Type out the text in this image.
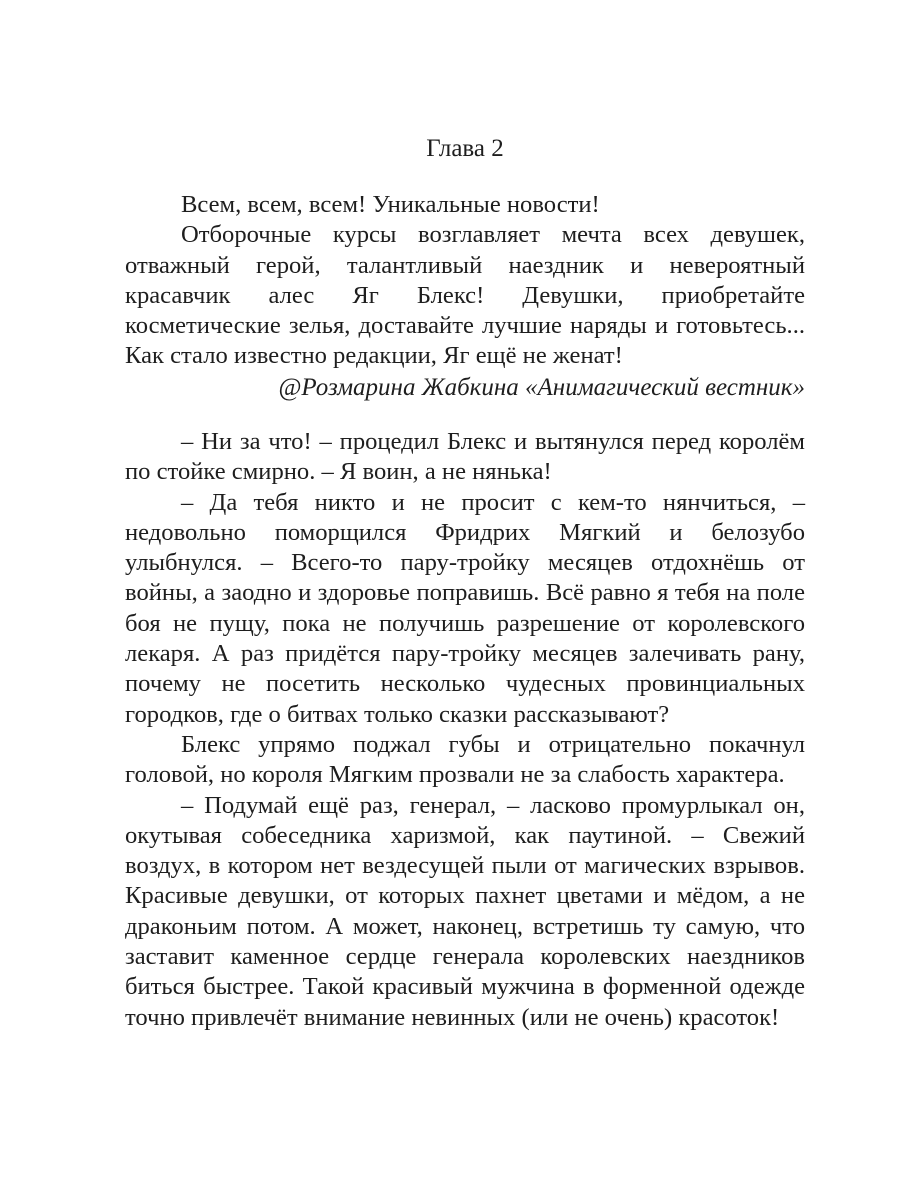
Глава 2

Всем, всем, всем! Уникальные новости!

Отборочные курсы возглавляет мечта всех девушек, отважный герой, талантливый наездник и невероятный красавчик алес Яг Блекс! Девушки, приобретайте косметические зелья, доставайте лучшие наряды и готовьтесь... Как стало известно редакции, Яг ещё не женат!

@Розмарина Жабкина «Анимагический вестник»

– Ни за что! – процедил Блекс и вытянулся перед королём по стойке смирно. – Я воин, а не нянька!

– Да тебя никто и не просит с кем-то нянчиться, – недовольно поморщился Фридрих Мягкий и белозубо улыбнулся. – Всего-то пару-тройку месяцев отдохнёшь от войны, а заодно и здоровье поправишь. Всё равно я тебя на поле боя не пущу, пока не получишь разрешение от королевского лекаря. А раз придётся пару-тройку месяцев залечивать рану, почему не посетить несколько чудесных провинциальных городков, где о битвах только сказки рассказывают?

Блекс упрямо поджал губы и отрицательно покачнул головой, но короля Мягким прозвали не за слабость характера.

– Подумай ещё раз, генерал, – ласково промурлыкал он, окутывая собеседника харизмой, как паутиной. – Свежий воздух, в котором нет вездесущей пыли от магических взрывов. Красивые девушки, от которых пахнет цветами и мёдом, а не драконьим потом. А может, наконец, встретишь ту самую, что заставит каменное сердце генерала королевских наездников биться быстрее. Такой красивый мужчина в форменной одежде точно привлечёт внимание невинных (или не очень) красоток!
